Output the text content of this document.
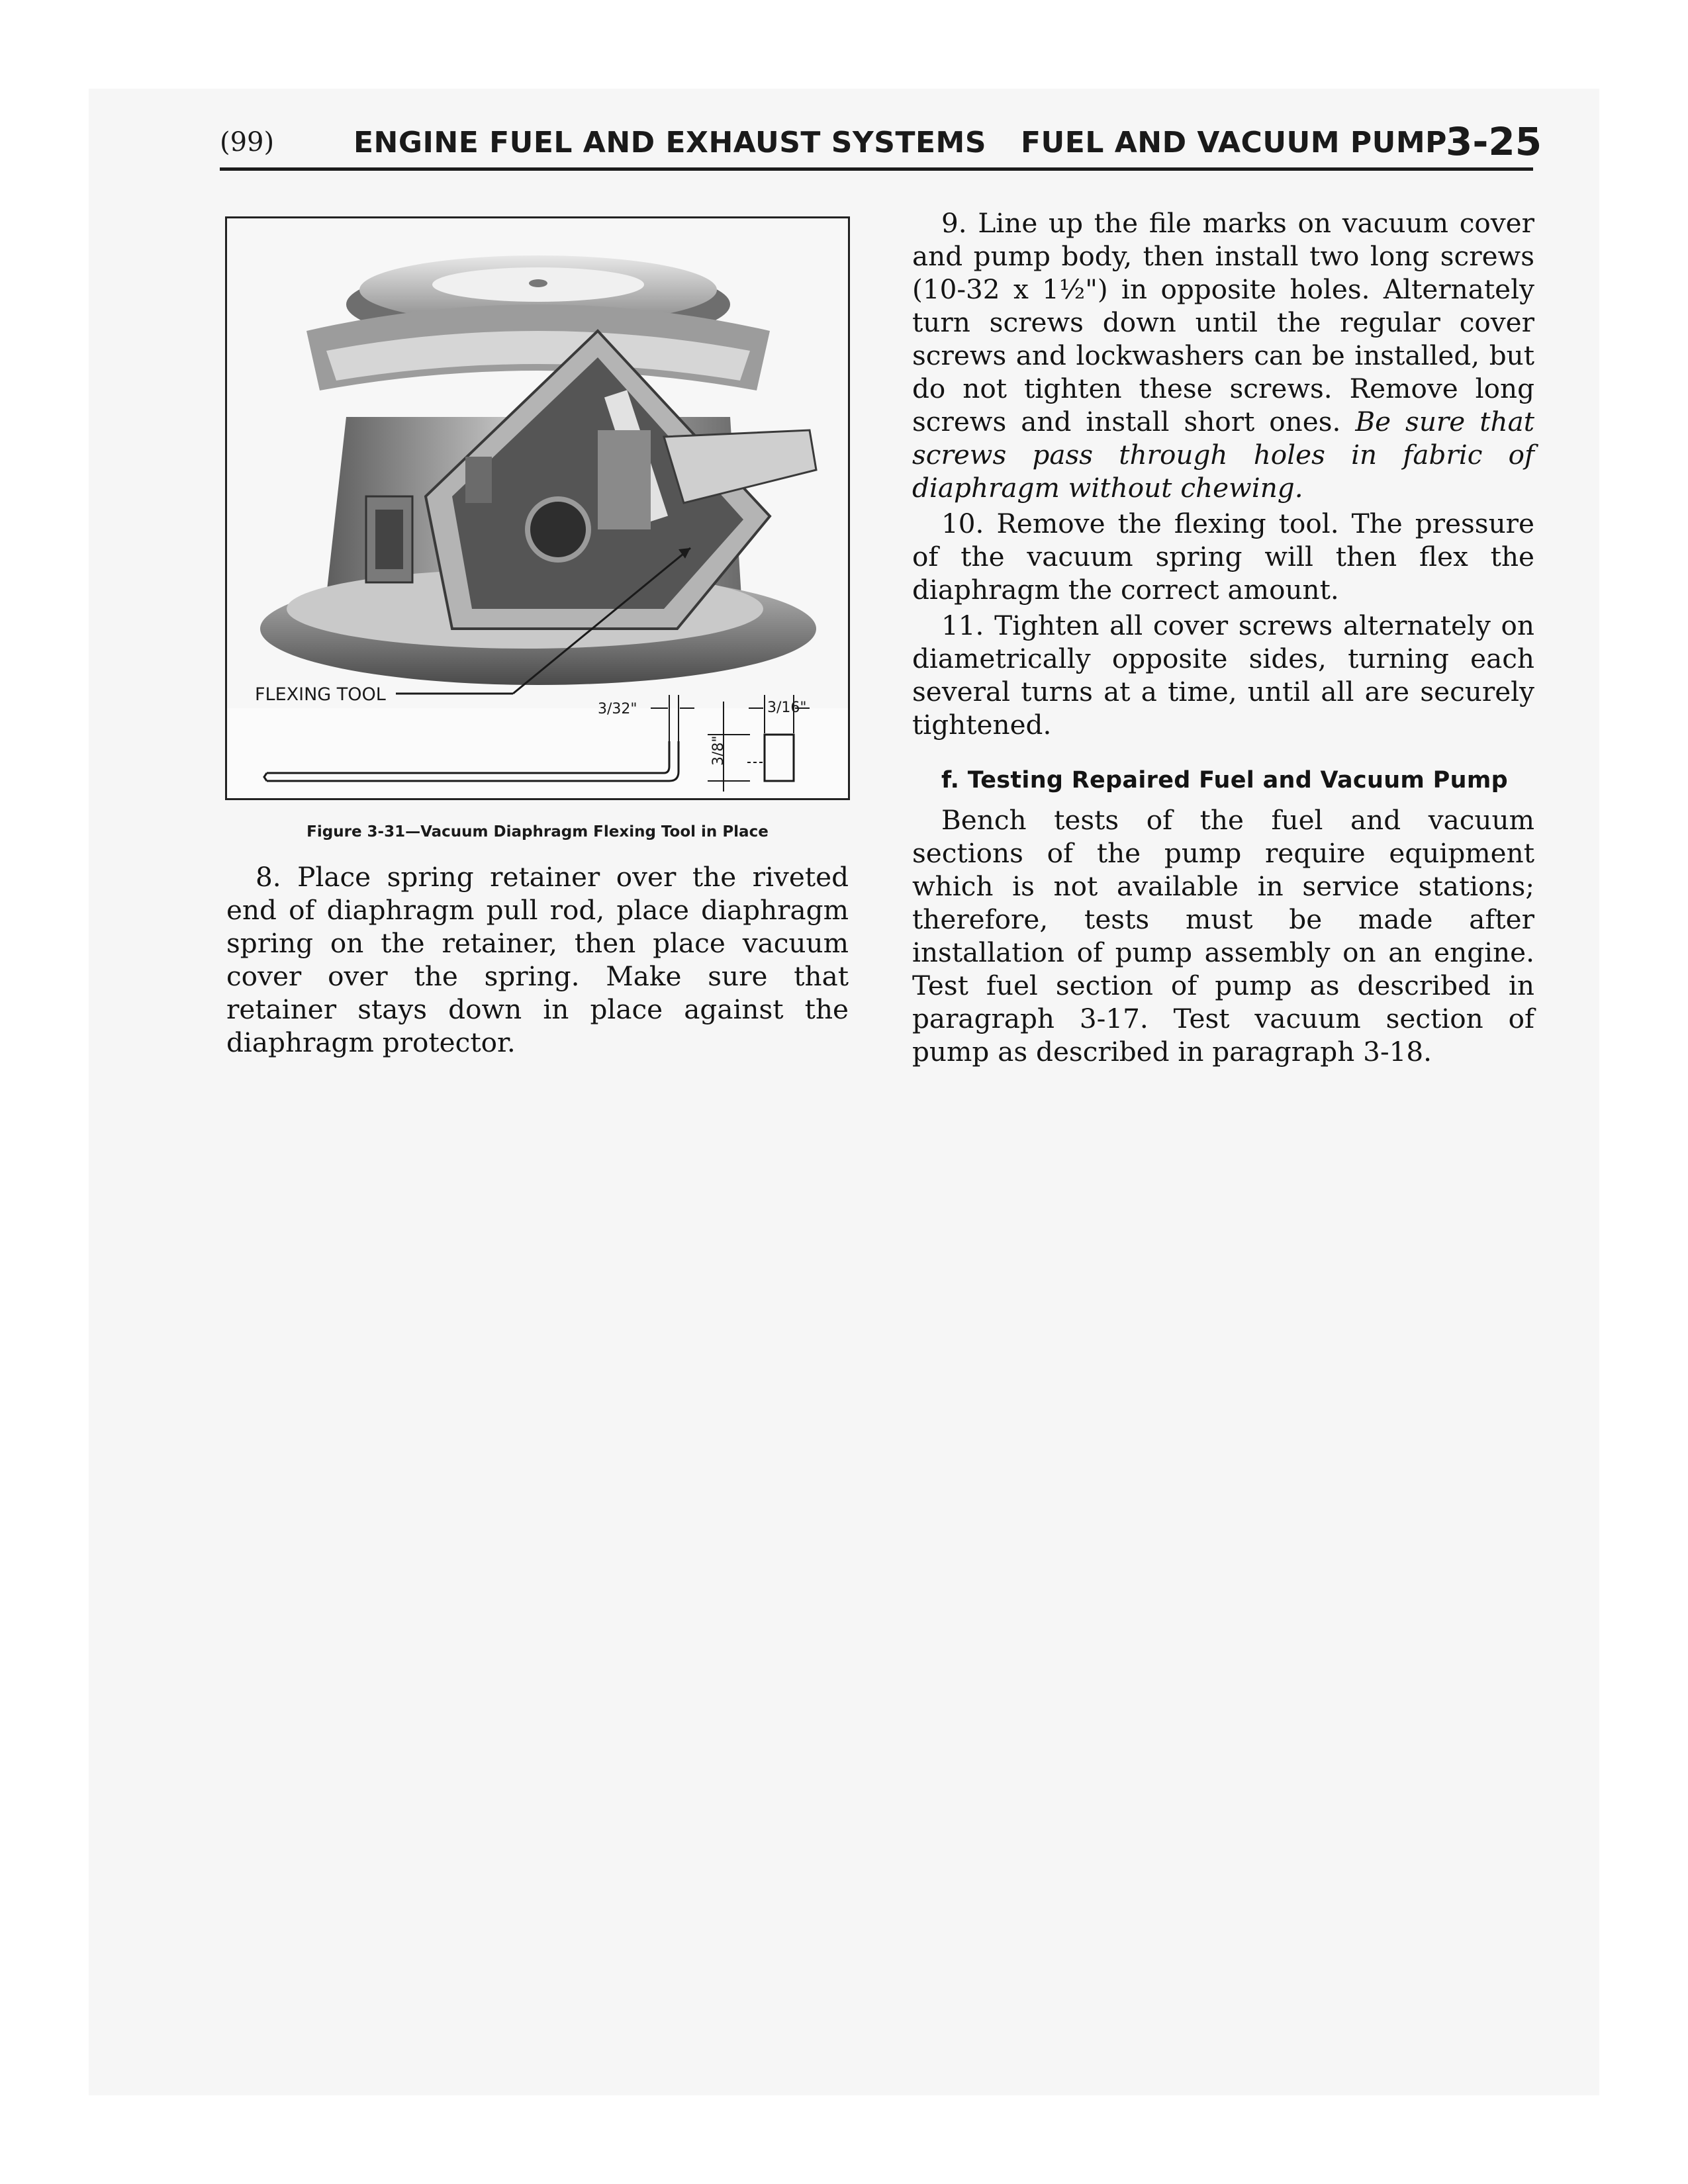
(99)	ENGINE FUEL AND EXHAUST SYSTEMS FUEL AND VACUUM PUMP
3-25
FLEXING TOOL
3/32"	3/16"
3/8"
Figure 3-31—Vacuum Diaphragm Flexing Tool in Place

8. Place spring retainer over the riveted end of diaphragm pull rod, place diaphragm spring on the retainer, then place vacuum cover over the spring. Make sure that retainer stays down in place against the diaphragm protector.

9. Line up the file marks on vacuum cover and pump body, then install two long screws (10-32 x 1½") in opposite holes. Alternately turn screws down until the regular cover screws and lockwashers can be installed, but do not tighten these screws. Remove long screws and install short ones. Be sure that screws pass through holes in fabric of diaphragm without chewing.

10. Remove the flexing tool. The pressure of the vacuum spring will then flex the diaphragm the correct amount.

11. Tighten all cover screws alternately on diametrically opposite sides, turning each several turns at a time, until all are securely tightened.

f. Testing Repaired Fuel and Vacuum Pump

Bench tests of the fuel and vacuum sections of the pump require equipment which is not available in service stations; therefore, tests must be made after installation of pump assembly on an engine. Test fuel section of pump as described in paragraph 3-17. Test vacuum section of pump as described in paragraph 3-18.
